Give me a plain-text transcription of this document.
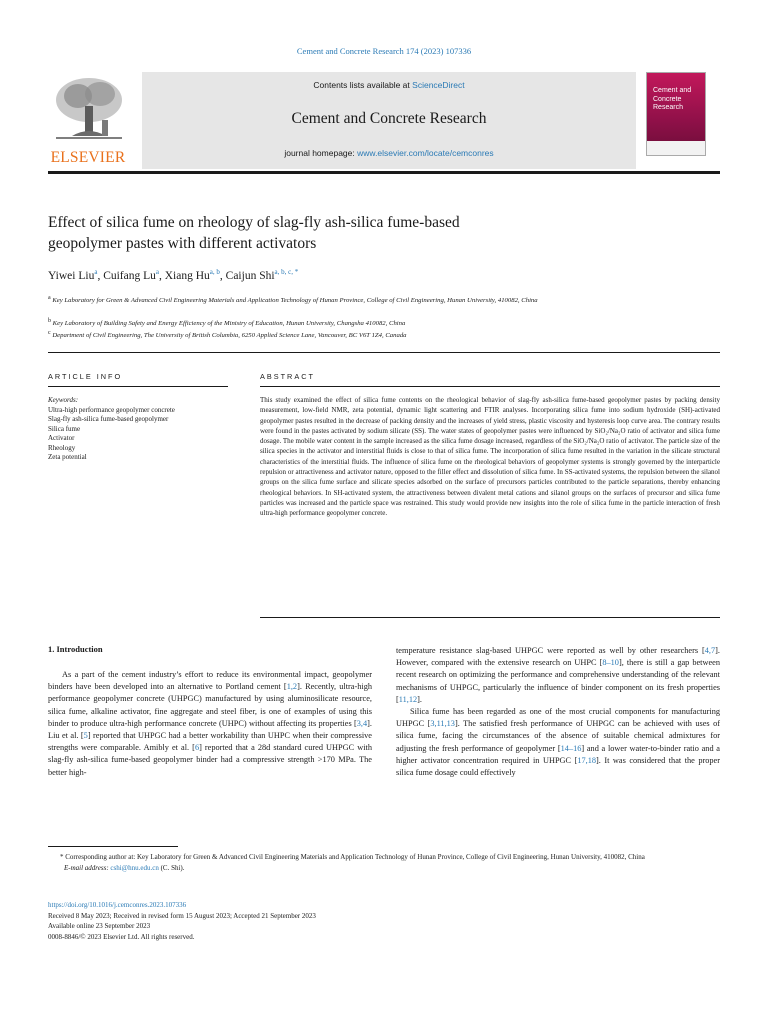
Cement and Concrete Research 174 (2023) 107336
ELSEVIER
Contents lists available at ScienceDirect
Cement and Concrete Research
journal homepage: www.elsevier.com/locate/cemconres
Cement and
Concrete
Research
Effect of silica fume on rheology of slag-fly ash-silica fume-based
geopolymer pastes with different activators
Yiwei Liu$^a$, Cuifang Lu$^a$, Xiang Hu$^{a, b}$, Caijun Shi$^{a, b, c, *}$
$^a$ Key Laboratory for Green & Advanced Civil Engineering Materials and Application Technology of Hunan Province, College of Civil Engineering, Hunan University, 410082, China
$^b$ Key Laboratory of Building Safety and Energy Efficiency of the Ministry of Education, Hunan University, Changsha 410082, China
$^c$ Department of Civil Engineering, The University of British Columbia, 6250 Applied Science Lane, Vancouver, BC V6T 1Z4, Canada
ARTICLE INFO	ABSTRACT
Keywords:
Ultra-high performance geopolymer concrete
Slag-fly ash-silica fume-based geopolymer
Silica fume
Activator
Rheology
Zeta potential
This study examined the effect of silica fume contents on the rheological behavior of slag-fly ash-silica fume-based geopolymer pastes by packing density measurement, low-field NMR, zeta potential, dynamic light scattering and FTIR analyses. Incorporating silica fume into sodium hydroxide (SH)-activated geopolymer pastes resulted in the decrease of packing density and the increases of yield stress, plastic viscosity and hysteresis loop curve area. The contrary results were found in the pastes activated by sodium silicate (SS). The water states of geopolymer pastes were influenced by SiO₂/Na₂O ratio of activator and silica fume dosage. The mobile water content in the sample increased as the silica fume dosage increased, regardless of the SiO₂/Na₂O ratio of activator. The particle size of the silica species in the activator and interstitial fluids is close to that of silica fume. The incorporation of silica fume resulted in the variation in the silicate structural characteristics of the interstitial fluids. The influence of silica fume on the rheological behaviors of geopolymer systems is strongly governed by the interparticle repulsion or attractiveness and activator nature, opposed to the filler effect and dissolution of silica fume. In SS-activated systems, the repulsion between the silanol groups on the silica fume surface and silicate species adsorbed on the surface of precursors particles contributed to the particle separations, thereby enhancing rheological behaviors. In SH-activated system, the attractiveness between divalent metal cations and silanol groups on the surfaces of precursor and silica fume particles was increased and the particle space was restrained. This study would provide new insights into the role of silica fume in the particle interaction of fresh ultra-high performance geopolymer concrete.
1. Introduction

As a part of the cement industry’s effort to reduce its environmental impact, geopolymer binders have been developed into an alternative to Portland cement [1,2]. Recently, ultra-high performance geopolymer concrete (UHPGC) manufactured by using aluminosilicate resource, silica fume, alkaline activator, fine aggregate and steel fiber, is one of examples of using this binder to produce ultra-high performance concrete (UHPC) without affecting its properties [3,4]. Liu et al. [5] reported that UHPGC had a better workability than UHPC when their compressive strengths were comparable. Amibly et al. [6] reported that a 28d standard cured UHPGC with slag-fly ash-silica fume-based geopolymer binder had a compressive strength >170 MPa. The better high-

temperature resistance slag-based UHPGC were reported as well by other researchers [4,7]. However, compared with the extensive research on UHPC [8–10], there is still a gap between recent research on optimizing the performance and comprehensive understanding of the relevant mechanisms of UHPGC, particularly the influence of binder component on its fresh properties [11,12].

Silica fume has been regarded as one of the most crucial components for manufacturing UHPGC [3,11,13]. The satisfied fresh performance of UHPGC can be achieved with uses of silica fume, facing the circumstances of the absence of suitable chemical admixtures for adjusting the fresh performance of geopolymer [14–16] and a lower water-to-binder ratio and a higher activator concentration required in UHPGC [17,18]. It was considered that the proper silica fume dosage could effectively

* Corresponding author at: Key Laboratory for Green & Advanced Civil Engineering Materials and Application Technology of Hunan Province, College of Civil Engineering, Hunan University, 410082, China
E-mail address: cshi@hnu.edu.cn (C. Shi).
https://doi.org/10.1016/j.cemconres.2023.107336
Received 8 May 2023; Received in revised form 15 August 2023; Accepted 21 September 2023
Available online 23 September 2023
0008-8846/© 2023 Elsevier Ltd. All rights reserved.
